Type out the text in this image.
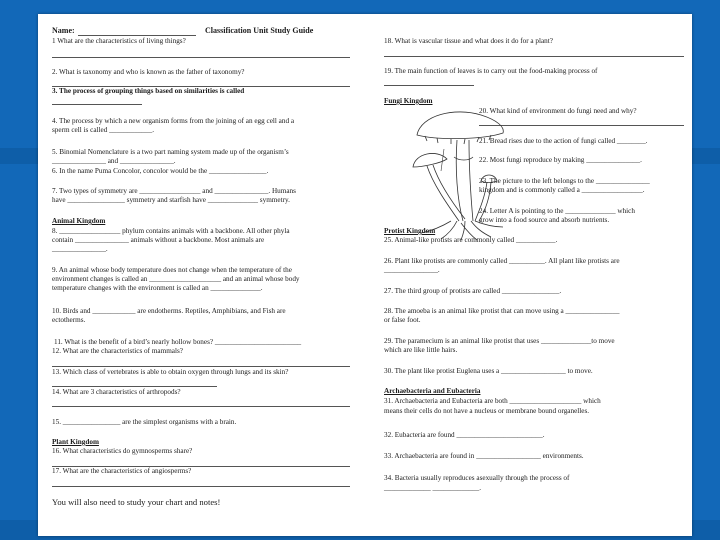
Name:	Classification Unit Study Guide
1 What are the characteristics of living things?
2. What is taxonomy and who is known as the father of taxonomy?
3. The process of grouping things based on similarities is called
4. The process by which a new organism forms from the joining of an egg cell and a
sperm cell is called ____________.
5. Binomial Nomenclature is a two part naming system made up of the organism’s
_______________ and _______________.
6. In the name Puma Concolor, concolor would be the ________________.
7. Two types of symmetry are _________________ and _______________. Humans
have ________________ symmetry and starfish have ______________ symmetry.
Animal Kingdom
8. _________________ phylum contains animals with a backbone. All other phyla
contain _______________ animals without a backbone. Most animals are
_______________.
9. An animal whose body temperature does not change when the temperature of the
environment changes is called an ____________________ and an animal whose body
temperature changes with the environment is called an ______________.
10. Birds and ____________ are endotherms. Reptiles, Amphibians, and Fish are
ectotherms.
11. What is the benefit of a bird’s nearly hollow bones? ________________________
12. What are the characteristics of mammals?
13. Which class of vertebrates is able to obtain oxygen through lungs and its skin?
14. What are 3 characteristics of arthropods?
15. ________________ are the simplest organisms with a brain.
Plant Kingdom
16. What characteristics do gymnosperms share?
17. What are the characteristics of angiosperms?
You will also need to study your chart and notes!
18. What is vascular tissue and what does it do for a plant?
19. The main function of leaves is to carry out the food-making process of
Fungi Kingdom
20. What kind of environment do fungi need and why?
21. Bread rises due to the action of fungi called ________.
22. Most fungi reproduce by making _______________.
23. The picture to the left belongs to the _______________
kingdom and is commonly called a _________________.
24. Letter A is pointing to the ______________ which
grow into a food source and absorb nutrients.
Protist Kingdom
25. Animal-like protists are commonly called ___________.
26. Plant like protists are commonly called __________. All plant like protists are
_______________.
27. The third group of protists are called ________________.
28. The amoeba is an animal like protist that can move using a _______________
or false foot.
29. The paramecium is an animal like protist that uses ______________to move
which are like little hairs.
30. The plant like protist Euglena uses a __________________ to move.
Archaebacteria and Eubacteria
31. Archaebacteria and Eubacteria are both ____________________ which
means their cells do not have a nucleus or membrane bound organelles.
32. Eubacteria are found ________________________.
33. Archaebacteria are found in __________________ environments.
34. Bacteria usually reproduces asexually through the process of
_____________ _____________.
